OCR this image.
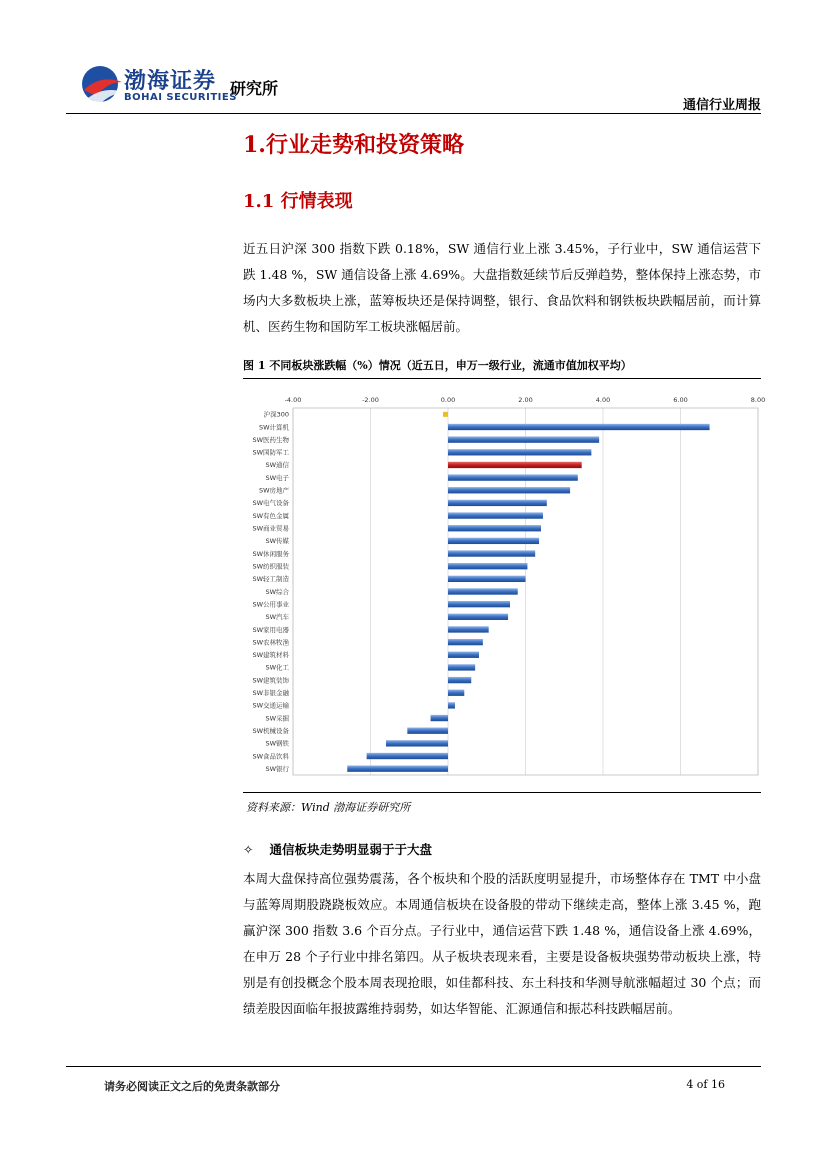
渤海证券
BOHAI SECURITIES
研究所
通信行业周报
1.行业走势和投资策略
1.1 行情表现
近五日沪深 300 指数下跌 0.18%，SW 通信行业上涨 3.45%，子行业中，SW 通信运营下跌 1.48 %，SW 通信设备上涨 4.69%。大盘指数延续节后反弹趋势，整体保持上涨态势，市场内大多数板块上涨，蓝筹板块还是保持调整，银行、食品饮料和钢铁板块跌幅居前，而计算机、医药生物和国防军工板块涨幅居前。
图 1 不同板块涨跌幅（%）情况（近五日，申万一级行业，流通市值加权平均）
-4.00	-2.00	0.00	2.00	4.00	6.00	8.00
沪深300
SW计算机
SW医药生物
SW国防军工
SW通信
SW电子
SW房地产
SW电气设备
SW有色金属
SW商业贸易
SW传媒
SW休闲服务
SW纺织服装
SW轻工制造
SW综合
SW公用事业
SW汽车
SW家用电器
SW农林牧渔
SW建筑材料
SW化工
SW建筑装饰
SW非银金融
SW交通运输
SW采掘
SW机械设备
SW钢铁
SW食品饮料
SW银行
资料来源：Wind 渤海证券研究所
✧ 通信板块走势明显弱于于大盘
本周大盘保持高位强势震荡，各个板块和个股的活跃度明显提升，市场整体存在 TMT 中小盘与蓝筹周期股跷跷板效应。本周通信板块在设备股的带动下继续走高，整体上涨 3.45 %，跑赢沪深 300 指数 3.6 个百分点。子行业中，通信运营下跌 1.48 %，通信设备上涨 4.69%，在申万 28 个子行业中排名第四。从子板块表现来看，主要是设备板块强势带动板块上涨，特别是有创投概念个股本周表现抢眼，如佳都科技、东土科技和华测导航涨幅超过 30 个点；而绩差股因面临年报披露维持弱势，如达华智能、汇源通信和振芯科技跌幅居前。
请务必阅读正文之后的免责条款部分	4 of 16
